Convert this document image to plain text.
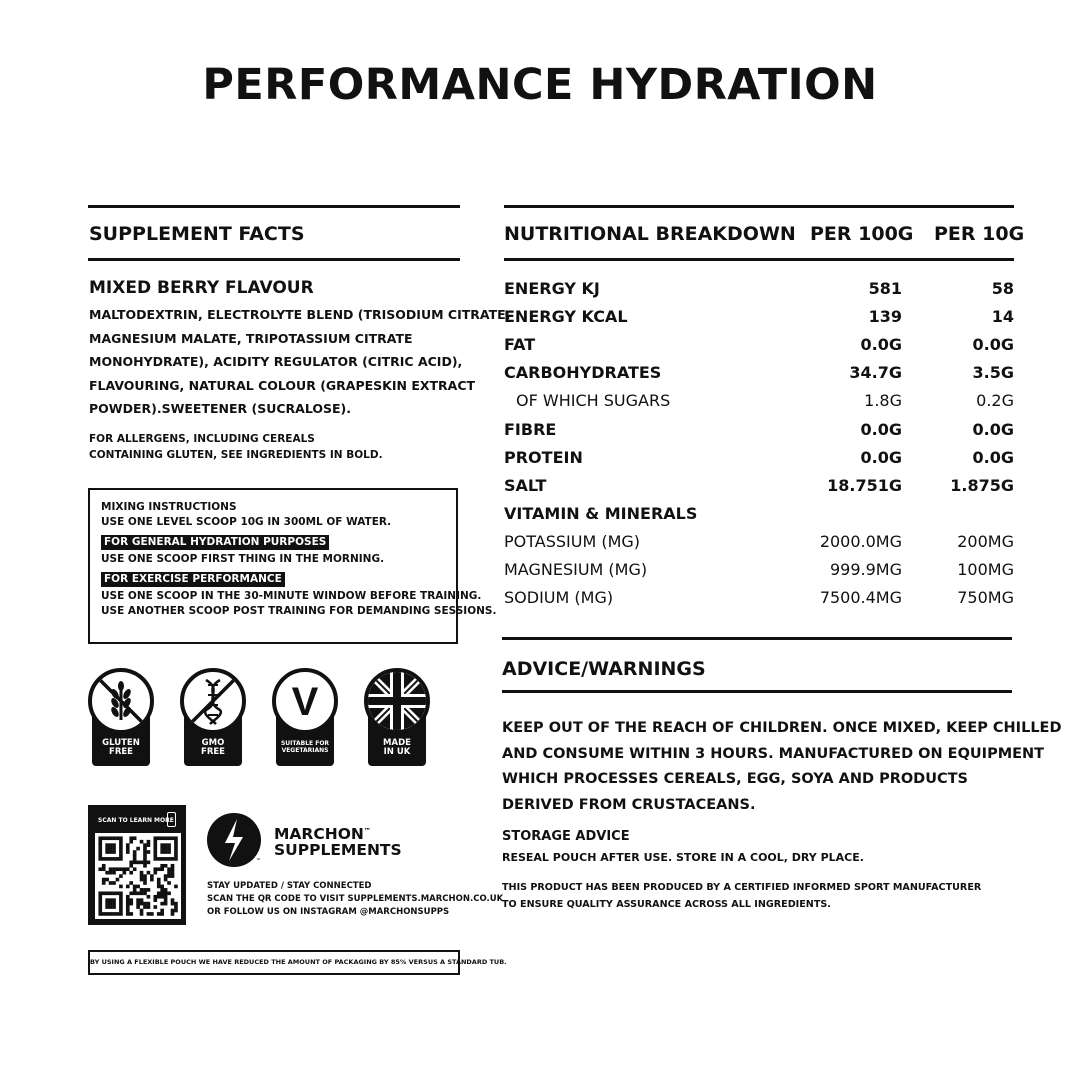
PERFORMANCE HYDRATION
SUPPLEMENT FACTS
MIXED BERRY FLAVOUR
MALTODEXTRIN, ELECTROLYTE BLEND (TRISODIUM CITRATE,
MAGNESIUM MALATE, TRIPOTASSIUM CITRATE
MONOHYDRATE), ACIDITY REGULATOR (CITRIC ACID),
FLAVOURING, NATURAL COLOUR (GRAPESKIN EXTRACT
POWDER).SWEETENER (SUCRALOSE).
FOR ALLERGENS, INCLUDING CEREALS
CONTAINING GLUTEN, SEE INGREDIENTS IN BOLD.
MIXING INSTRUCTIONS
USE ONE LEVEL SCOOP 10G IN 300ML OF WATER.
FOR GENERAL HYDRATION PURPOSES
USE ONE SCOOP FIRST THING IN THE MORNING.
FOR EXERCISE PERFORMANCE
USE ONE SCOOP IN THE 30-MINUTE WINDOW BEFORE TRAINING.
USE ANOTHER SCOOP POST TRAINING FOR DEMANDING SESSIONS.
GLUTEN
FREE
GMO
FREE
V
SUITABLE FOR
VEGETARIANS
MADE
IN UK
SCAN TO LEARN MORE
™
MARCHON™
SUPPLEMENTS
STAY UPDATED / STAY CONNECTED
SCAN THE QR CODE TO VISIT SUPPLEMENTS.MARCHON.CO.UK
OR FOLLOW US ON INSTAGRAM @MARCHONSUPPS
BY USING A FLEXIBLE POUCH WE HAVE REDUCED THE AMOUNT OF PACKAGING BY 85% VERSUS A STANDARD TUB.
NUTRITIONAL BREAKDOWN PER 100G PER 10G
ENERGY KJ	581	58
ENERGY KCAL	139	14
FAT	0.0G	0.0G
CARBOHYDRATES	34.7G	3.5G
OF WHICH SUGARS	1.8G	0.2G
FIBRE	0.0G	0.0G
PROTEIN	0.0G	0.0G
SALT	18.751G	1.875G
VITAMIN & MINERALS
POTASSIUM (MG)	2000.0MG	200MG
MAGNESIUM (MG)	999.9MG	100MG
SODIUM (MG)	7500.4MG	750MG
ADVICE/WARNINGS
KEEP OUT OF THE REACH OF CHILDREN. ONCE MIXED, KEEP CHILLED
AND CONSUME WITHIN 3 HOURS. MANUFACTURED ON EQUIPMENT
WHICH PROCESSES CEREALS, EGG, SOYA AND PRODUCTS
DERIVED FROM CRUSTACEANS.
STORAGE ADVICE
RESEAL POUCH AFTER USE. STORE IN A COOL, DRY PLACE.
THIS PRODUCT HAS BEEN PRODUCED BY A CERTIFIED INFORMED SPORT MANUFACTURER
TO ENSURE QUALITY ASSURANCE ACROSS ALL INGREDIENTS.
